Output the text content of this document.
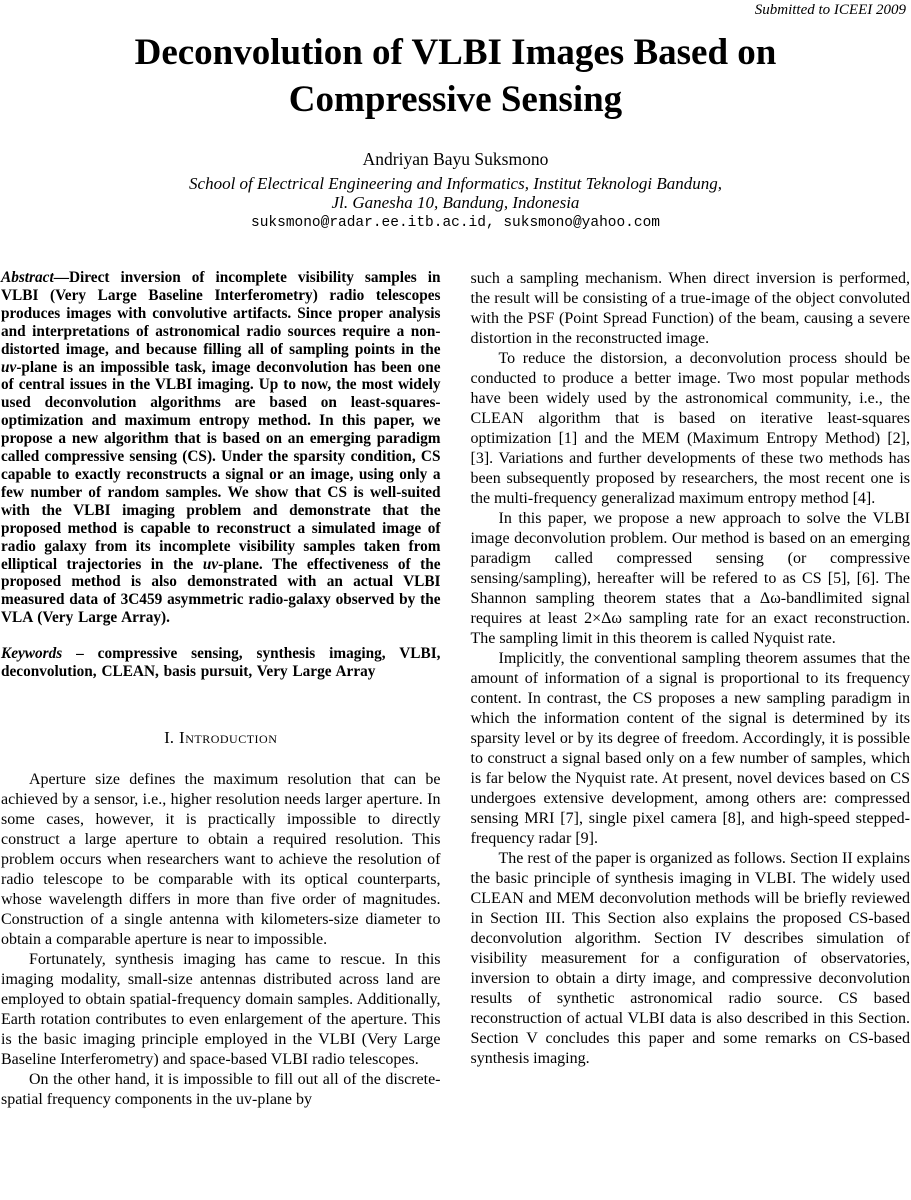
Submitted to ICEEI 2009
Deconvolution of VLBI Images Based on Compressive Sensing
Andriyan Bayu Suksmono
School of Electrical Engineering and Informatics, Institut Teknologi Bandung,
Jl. Ganesha 10, Bandung, Indonesia
suksmono@radar.ee.itb.ac.id, suksmono@yahoo.com

Abstract—Direct inversion of incomplete visibility samples in VLBI (Very Large Baseline Interferometry) radio telescopes produces images with convolutive artifacts. Since proper analysis and interpretations of astronomical radio sources require a non-distorted image, and because filling all of sampling points in the uv-plane is an impossible task, image deconvolution has been one of central issues in the VLBI imaging. Up to now, the most widely used deconvolution algorithms are based on least-squares-optimization and maximum entropy method. In this paper, we propose a new algorithm that is based on an emerging paradigm called compressive sensing (CS). Under the sparsity condition, CS capable to exactly reconstructs a signal or an image, using only a few number of random samples. We show that CS is well-suited with the VLBI imaging problem and demonstrate that the proposed method is capable to reconstruct a simulated image of radio galaxy from its incomplete visibility samples taken from elliptical trajectories in the uv-plane. The effectiveness of the proposed method is also demonstrated with an actual VLBI measured data of 3C459 asymmetric radio-galaxy observed by the VLA (Very Large Array).

Keywords – compressive sensing, synthesis imaging, VLBI, deconvolution, CLEAN, basis pursuit, Very Large Array

I. Introduction

Aperture size defines the maximum resolution that can be achieved by a sensor, i.e., higher resolution needs larger aperture. In some cases, however, it is practically impossible to directly construct a large aperture to obtain a required resolution. This problem occurs when researchers want to achieve the resolution of radio telescope to be comparable with its optical counterparts, whose wavelength differs in more than five order of magnitudes. Construction of a single antenna with kilometers-size diameter to obtain a comparable aperture is near to impossible.

Fortunately, synthesis imaging has came to rescue. In this imaging modality, small-size antennas distributed across land are employed to obtain spatial-frequency domain samples. Additionally, Earth rotation contributes to even enlargement of the aperture. This is the basic imaging principle employed in the VLBI (Very Large Baseline Interferometry) and space-based VLBI radio telescopes.

On the other hand, it is impossible to fill out all of the discrete-spatial frequency components in the uv-plane by

such a sampling mechanism. When direct inversion is performed, the result will be consisting of a true-image of the object convoluted with the PSF (Point Spread Function) of the beam, causing a severe distortion in the reconstructed image.

To reduce the distorsion, a deconvolution process should be conducted to produce a better image. Two most popular methods have been widely used by the astronomical community, i.e., the CLEAN algorithm that is based on iterative least-squares optimization [1] and the MEM (Maximum Entropy Method) [2], [3]. Variations and further developments of these two methods has been subsequently proposed by researchers, the most recent one is the multi-frequency generalizad maximum entropy method [4].

In this paper, we propose a new approach to solve the VLBI image deconvolution problem. Our method is based on an emerging paradigm called compressed sensing (or compressive sensing/sampling), hereafter will be refered to as CS [5], [6]. The Shannon sampling theorem states that a Δω-bandlimited signal requires at least 2×Δω sampling rate for an exact reconstruction. The sampling limit in this theorem is called Nyquist rate.

Implicitly, the conventional sampling theorem assumes that the amount of information of a signal is proportional to its frequency content. In contrast, the CS proposes a new sampling paradigm in which the information content of the signal is determined by its sparsity level or by its degree of freedom. Accordingly, it is possible to construct a signal based only on a few number of samples, which is far below the Nyquist rate. At present, novel devices based on CS undergoes extensive development, among others are: compressed sensing MRI [7], single pixel camera [8], and high-speed stepped-frequency radar [9].

The rest of the paper is organized as follows. Section II explains the basic principle of synthesis imaging in VLBI. The widely used CLEAN and MEM deconvolution methods will be briefly reviewed in Section III. This Section also explains the proposed CS-based deconvolution algorithm. Section IV describes simulation of visibility measurement for a configuration of observatories, inversion to obtain a dirty image, and compressive deconvolution results of synthetic astronomical radio source. CS based reconstruction of actual VLBI data is also described in this Section. Section V concludes this paper and some remarks on CS-based synthesis imaging.
